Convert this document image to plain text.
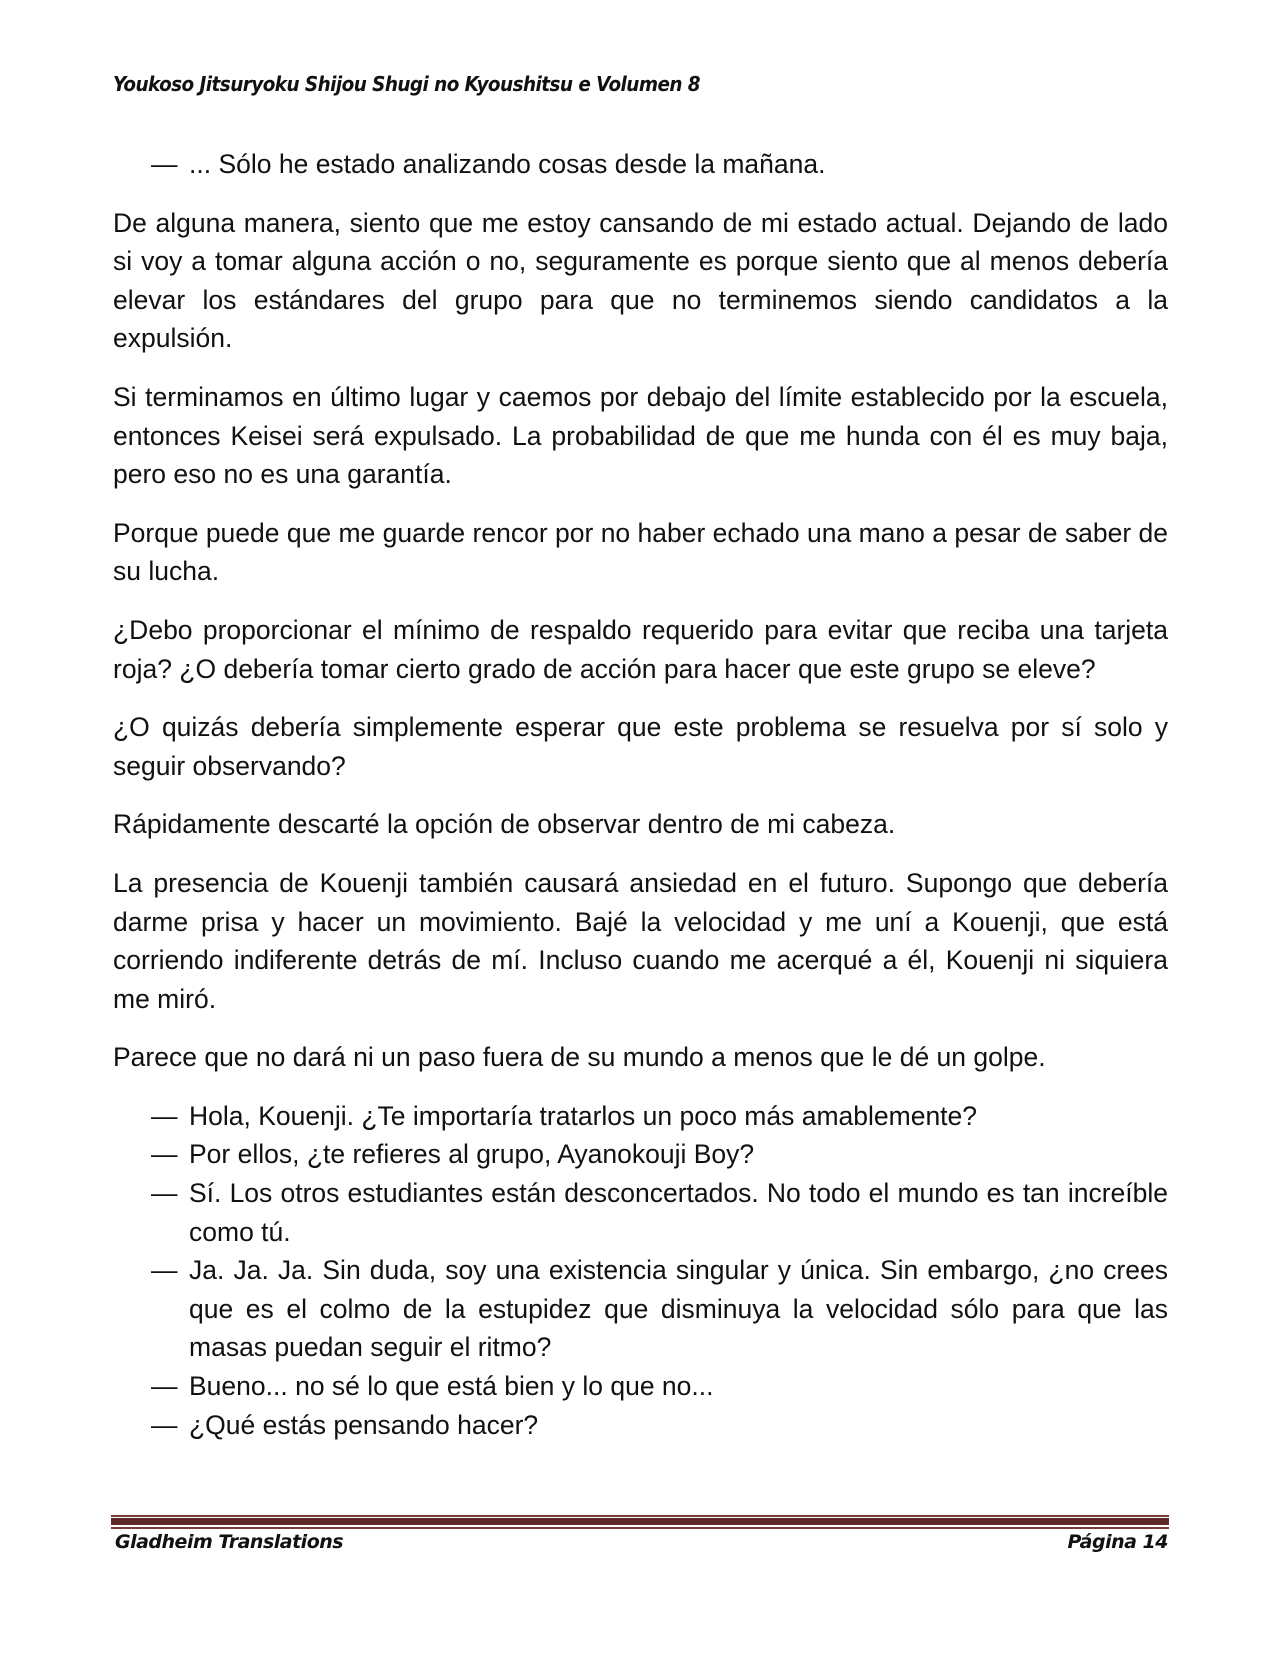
Youkoso Jitsuryoku Shijou Shugi no Kyoushitsu e Volumen 8
— ... Sólo he estado analizando cosas desde la mañana.

De alguna manera, siento que me estoy cansando de mi estado actual. Dejando de lado si voy a tomar alguna acción o no, seguramente es porque siento que al menos debería elevar los estándares del grupo para que no terminemos siendo candidatos a la expulsión.

Si terminamos en último lugar y caemos por debajo del límite establecido por la escuela, entonces Keisei será expulsado. La probabilidad de que me hunda con él es muy baja, pero eso no es una garantía.

Porque puede que me guarde rencor por no haber echado una mano a pesar de saber de su lucha.

¿Debo proporcionar el mínimo de respaldo requerido para evitar que reciba una tarjeta roja? ¿O debería tomar cierto grado de acción para hacer que este grupo se eleve?

¿O quizás debería simplemente esperar que este problema se resuelva por sí solo y seguir observando?

Rápidamente descarté la opción de observar dentro de mi cabeza.

La presencia de Kouenji también causará ansiedad en el futuro. Supongo que debería darme prisa y hacer un movimiento. Bajé la velocidad y me uní a Kouenji, que está corriendo indiferente detrás de mí. Incluso cuando me acerqué a él, Kouenji ni siquiera me miró.

Parece que no dará ni un paso fuera de su mundo a menos que le dé un golpe.

— Hola, Kouenji. ¿Te importaría tratarlos un poco más amablemente?
— Por ellos, ¿te refieres al grupo, Ayanokouji Boy?
— Sí. Los otros estudiantes están desconcertados. No todo el mundo es tan increíble como tú.
— Ja. Ja. Ja. Sin duda, soy una existencia singular y única. Sin embargo, ¿no crees que es el colmo de la estupidez que disminuya la velocidad sólo para que las masas puedan seguir el ritmo?
— Bueno... no sé lo que está bien y lo que no...
— ¿Qué estás pensando hacer?
Gladheim Translations	Página 14
